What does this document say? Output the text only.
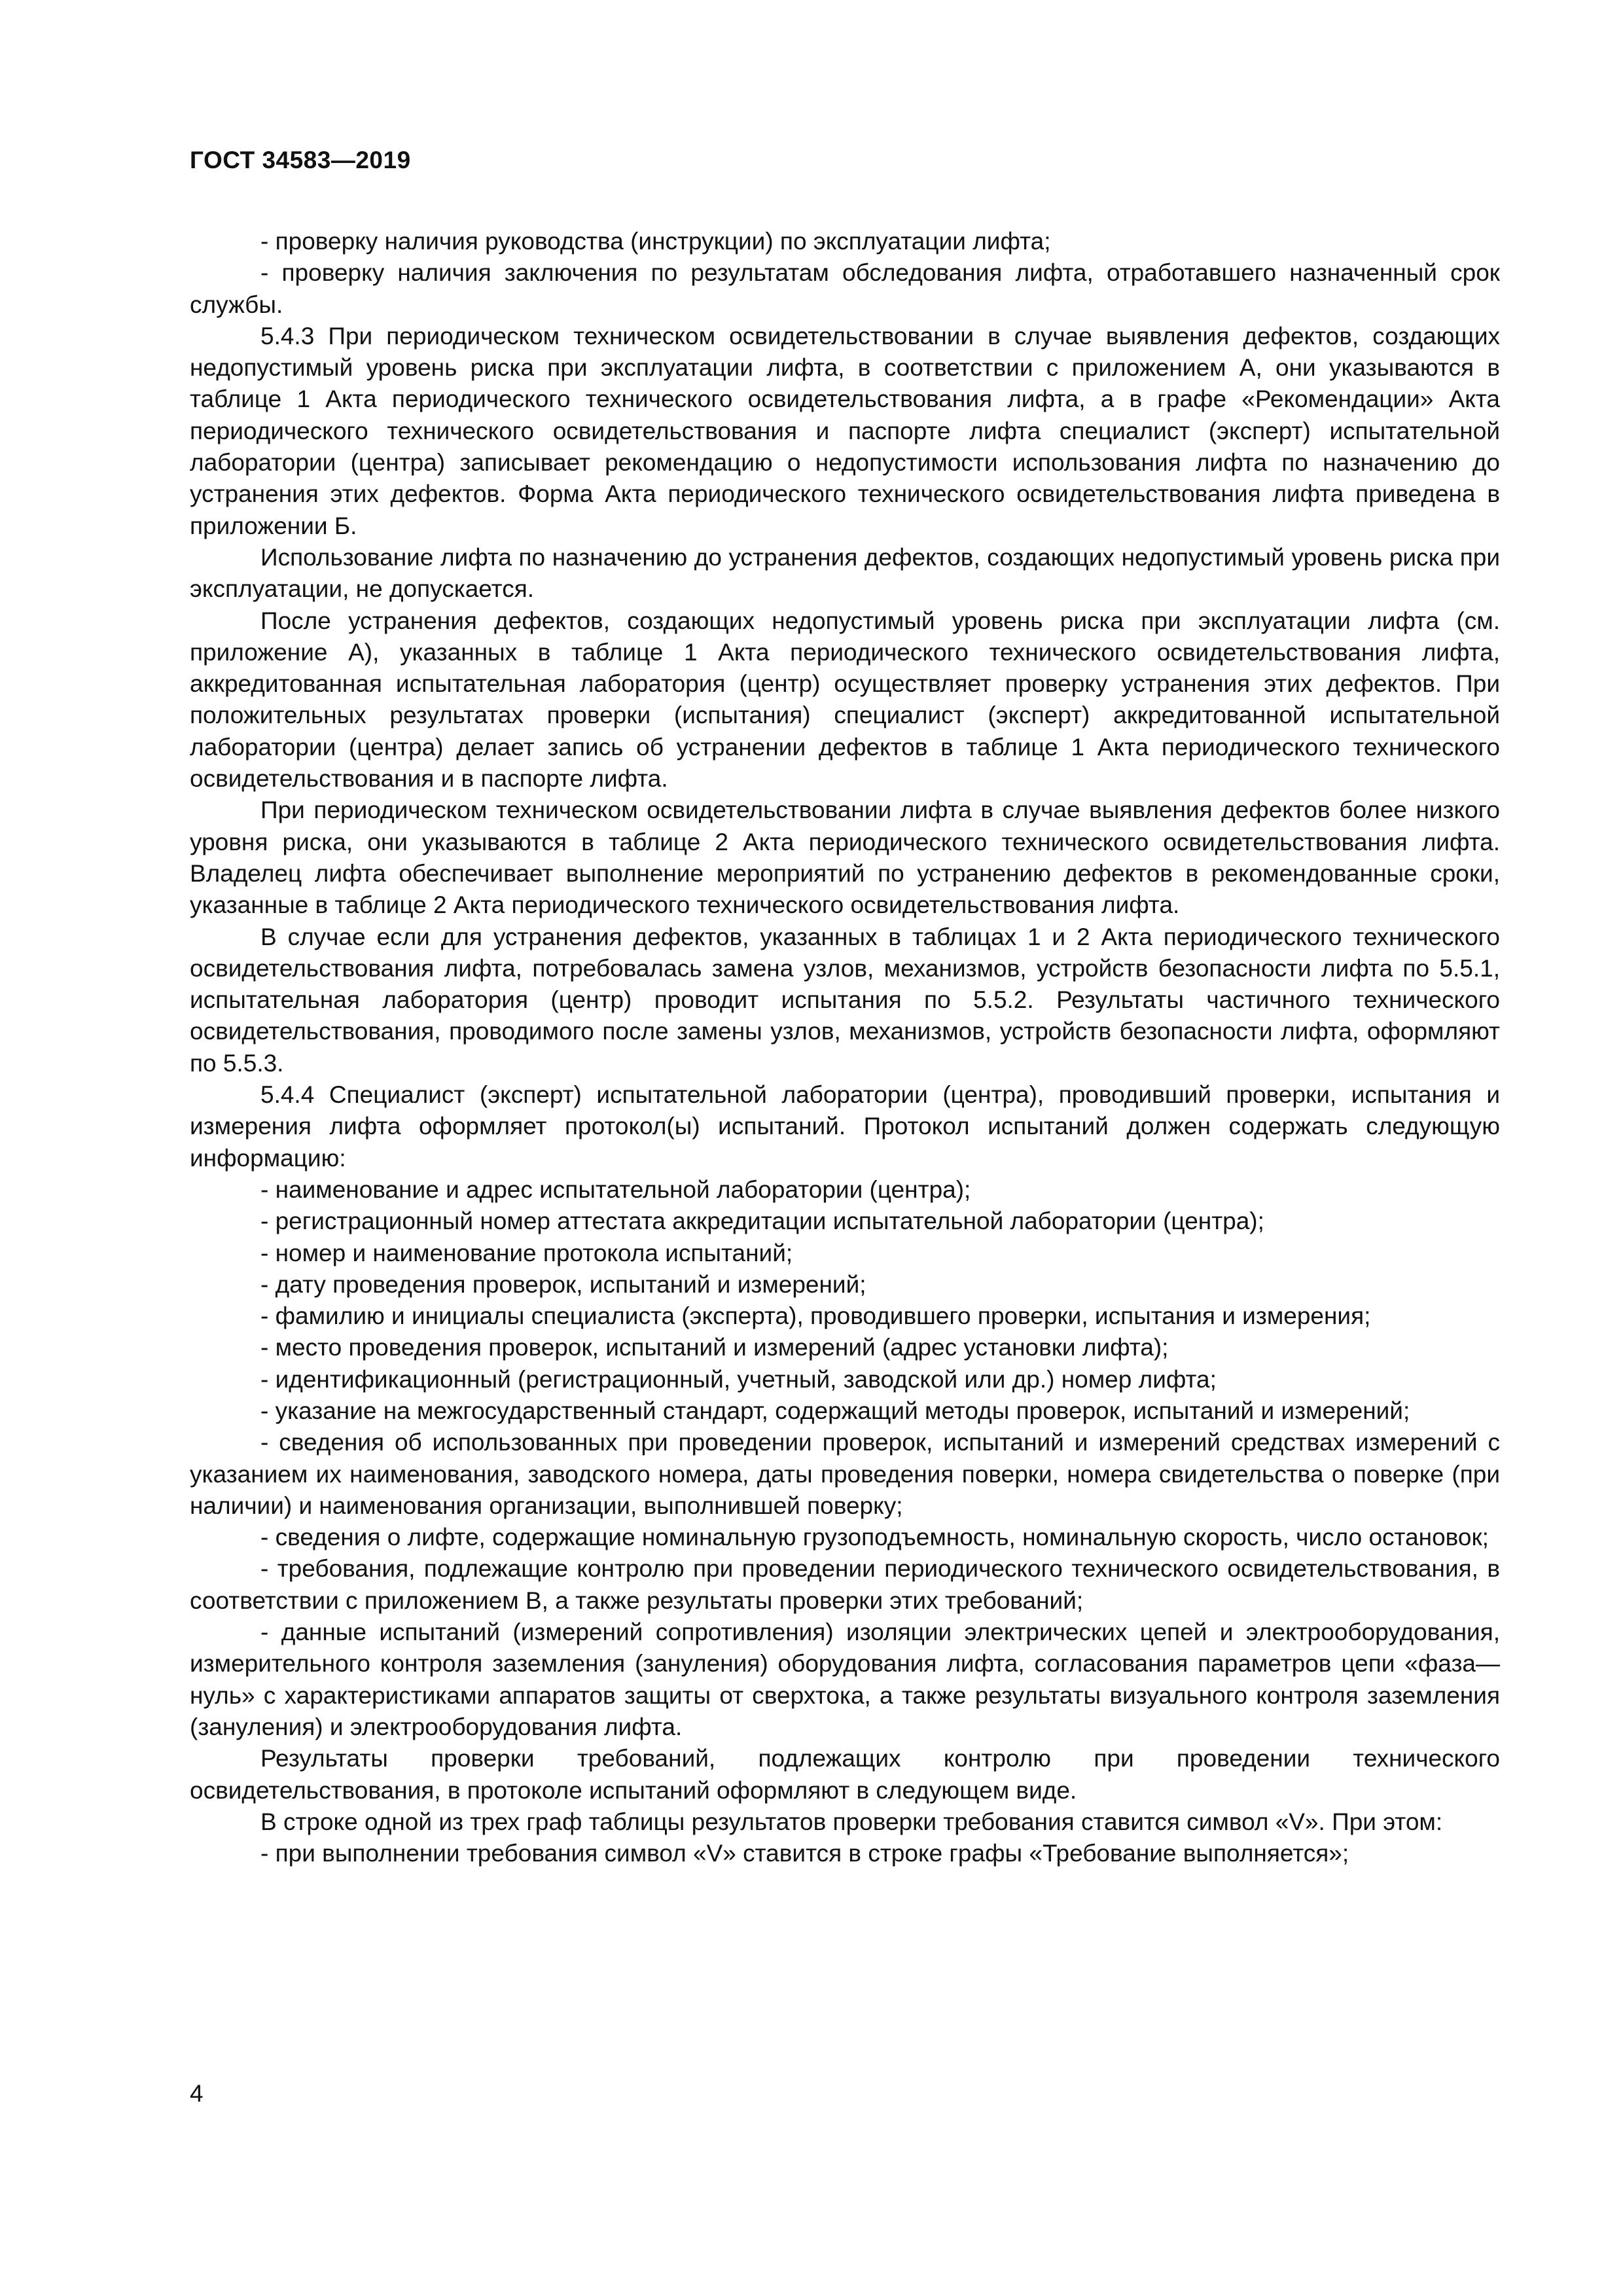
ГОСТ 34583—2019

- проверку наличия руководства (инструкции) по эксплуатации лифта;

- проверку наличия заключения по результатам обследования лифта, отработавшего назначенный срок службы.

5.4.3 При периодическом техническом освидетельствовании в случае выявления дефектов, создающих недопустимый уровень риска при эксплуатации лифта, в соответствии с приложением А, они указываются в таблице 1 Акта периодического технического освидетельствования лифта, а в графе «Рекомендации» Акта периодического технического освидетельствования и паспорте лифта специалист (эксперт) испытательной лаборатории (центра) записывает рекомендацию о недопустимости использования лифта по назначению до устранения этих дефектов. Форма Акта периодического технического освидетельствования лифта приведена в приложении Б.

Использование лифта по назначению до устранения дефектов, создающих недопустимый уровень риска при эксплуатации, не допускается.

После устранения дефектов, создающих недопустимый уровень риска при эксплуатации лифта (см. приложение А), указанных в таблице 1 Акта периодического технического освидетельствования лифта, аккредитованная испытательная лаборатория (центр) осуществляет проверку устранения этих дефектов. При положительных результатах проверки (испытания) специалист (эксперт) аккредитованной испытательной лаборатории (центра) делает запись об устранении дефектов в таблице 1 Акта периодического технического освидетельствования и в паспорте лифта.

При периодическом техническом освидетельствовании лифта в случае выявления дефектов более низкого уровня риска, они указываются в таблице 2 Акта периодического технического освидетельствования лифта. Владелец лифта обеспечивает выполнение мероприятий по устранению дефектов в рекомендованные сроки, указанные в таблице 2 Акта периодического технического освидетельствования лифта.

В случае если для устранения дефектов, указанных в таблицах 1 и 2 Акта периодического технического освидетельствования лифта, потребовалась замена узлов, механизмов, устройств безопасности лифта по 5.5.1, испытательная лаборатория (центр) проводит испытания по 5.5.2. Результаты частичного технического освидетельствования, проводимого после замены узлов, механизмов, устройств безопасности лифта, оформляют по 5.5.3.

5.4.4 Специалист (эксперт) испытательной лаборатории (центра), проводивший проверки, испытания и измерения лифта оформляет протокол(ы) испытаний. Протокол испытаний должен содержать следующую информацию:

- наименование и адрес испытательной лаборатории (центра);

- регистрационный номер аттестата аккредитации испытательной лаборатории (центра);

- номер и наименование протокола испытаний;

- дату проведения проверок, испытаний и измерений;

- фамилию и инициалы специалиста (эксперта), проводившего проверки, испытания и измерения;

- место проведения проверок, испытаний и измерений (адрес установки лифта);

- идентификационный (регистрационный, учетный, заводской или др.) номер лифта;

- указание на межгосударственный стандарт, содержащий методы проверок, испытаний и измерений;

- сведения об использованных при проведении проверок, испытаний и измерений средствах измерений с указанием их наименования, заводского номера, даты проведения поверки, номера свидетельства о поверке (при наличии) и наименования организации, выполнившей поверку;

- сведения о лифте, содержащие номинальную грузоподъемность, номинальную скорость, число остановок;

- требования, подлежащие контролю при проведении периодического технического освидетельствования, в соответствии с приложением В, а также результаты проверки этих требований;

- данные испытаний (измерений сопротивления) изоляции электрических цепей и электрооборудования, измерительного контроля заземления (зануления) оборудования лифта, согласования параметров цепи «фаза—нуль» с характеристиками аппаратов защиты от сверхтока, а также результаты визуального контроля заземления (зануления) и электрооборудования лифта.

Результаты проверки требований, подлежащих контролю при проведении технического освидетельствования, в протоколе испытаний оформляют в следующем виде.

В строке одной из трех граф таблицы результатов проверки требования ставится символ «V». При этом:

- при выполнении требования символ «V» ставится в строке графы «Требование выполняется»;

4
